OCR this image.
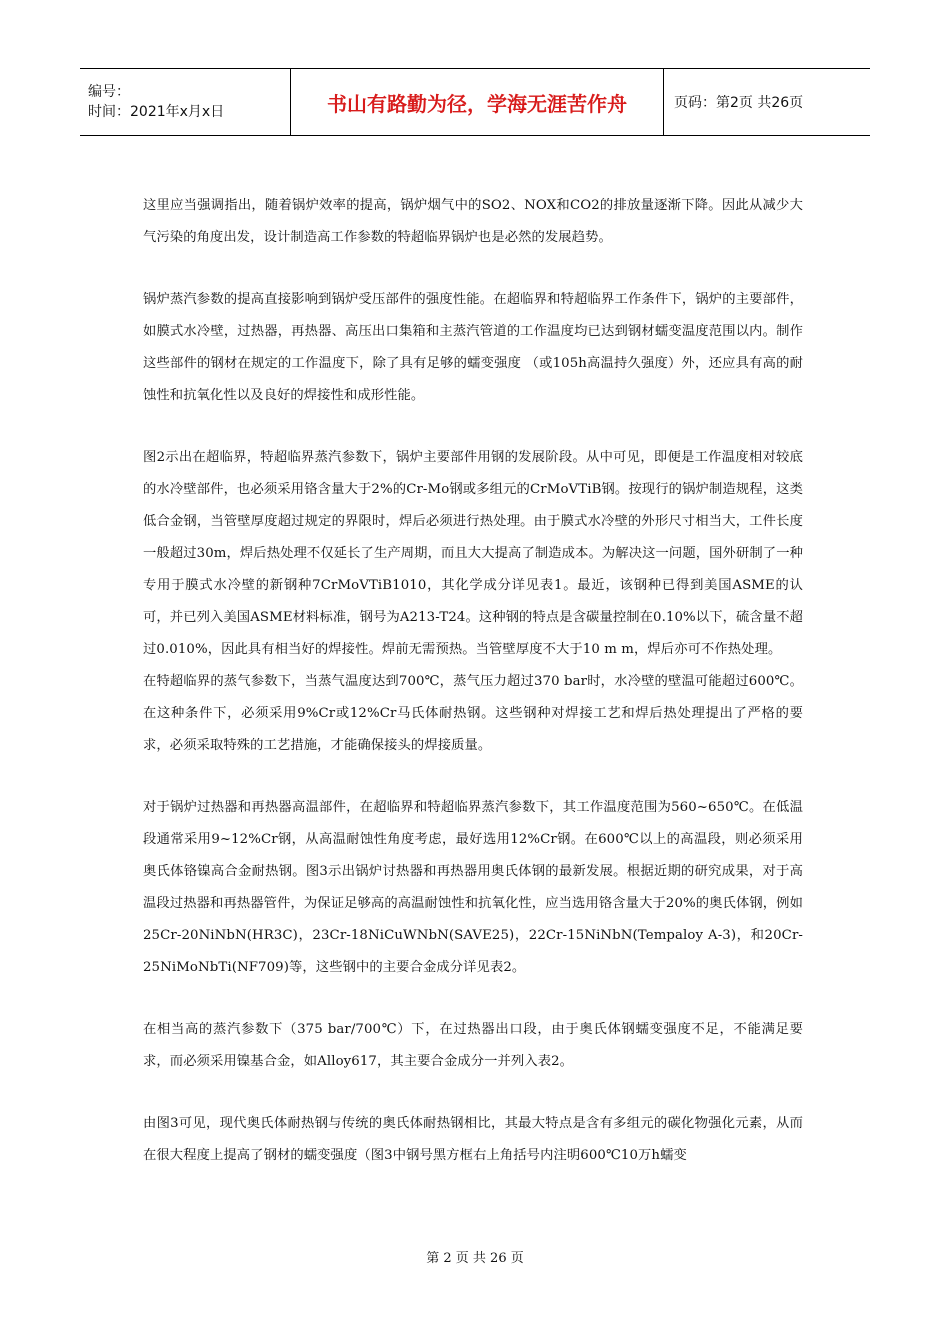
编号：
时间：2021年x月x日	书山有路勤为径，学海无涯苦作舟	页码：第2页 共26页

这里应当强调指出，随着锅炉效率的提高，锅炉烟气中的SO2、NOX和CO2的排放量逐渐下降。因此从减少大气污染的角度出发，设计制造高工作参数的特超临界锅炉也是必然的发展趋势。

锅炉蒸汽参数的提高直接影响到锅炉受压部件的强度性能。在超临界和特超临界工作条件下，锅炉的主要部件，如膜式水冷壁，过热器，再热器、高压出口集箱和主蒸汽管道的工作温度均已达到钢材蠕变温度范围以内。制作这些部件的钢材在规定的工作温度下，除了具有足够的蠕变强度 （或105h高温持久强度）外，还应具有高的耐蚀性和抗氧化性以及良好的焊接性和成形性能。

图2示出在超临界，特超临界蒸汽参数下，锅炉主要部件用钢的发展阶段。从中可见，即便是工作温度相对较底的水冷壁部件，也必须采用铬含量大于2%的Cr-Mo钢或多组元的CrMoVTiB钢。按现行的锅炉制造规程，这类低合金钢，当管壁厚度超过规定的界限时，焊后必须进行热处理。由于膜式水冷壁的外形尺寸相当大，工件长度一般超过30m，焊后热处理不仅延长了生产周期，而且大大提高了制造成本。为解决这一问题，国外研制了一种专用于膜式水冷壁的新钢种7CrMoVTiB1010，其化学成分详见表1。最近，该钢种已得到美国ASME的认可，并已列入美国ASME材料标准，钢号为A213-T24。这种钢的特点是含碳量控制在0.10%以下，硫含量不超过0.010%，因此具有相当好的焊接性。焊前无需预热。当管壁厚度不大于10 m m，焊后亦可不作热处理。

在特超临界的蒸气参数下，当蒸气温度达到700℃，蒸气压力超过370 bar时，水冷壁的壁温可能超过600℃。在这种条件下，必须采用9%Cr或12%Cr马氏体耐热钢。这些钢种对焊接工艺和焊后热处理提出了严格的要求，必须采取特殊的工艺措施，才能确保接头的焊接质量。

对于锅炉过热器和再热器高温部件，在超临界和特超临界蒸汽参数下，其工作温度范围为560~650℃。在低温段通常采用9~12%Cr钢，从高温耐蚀性角度考虑，最好选用12%Cr钢。在600℃以上的高温段，则必须采用奥氏体铬镍高合金耐热钢。图3示出锅炉讨热器和再热器用奥氏体钢的最新发展。根据近期的研究成果，对于高温段过热器和再热器管件，为保证足够高的高温耐蚀性和抗氧化性，应当选用铬含量大于20%的奥氏体钢，例如25Cr-20NiNbN(HR3C)，23Cr-18NiCuWNbN(SAVE25)，22Cr-15NiNbN(Tempaloy A-3)，和20Cr-25NiMoNbTi(NF709)等，这些钢中的主要合金成分详见表2。

在相当高的蒸汽参数下（375 bar/700℃）下，在过热器出口段，由于奥氏体钢蠕变强度不足，不能满足要求，而必须采用镍基合金，如Alloy617，其主要合金成分一并列入表2。

由图3可见，现代奥氏体耐热钢与传统的奥氏体耐热钢相比，其最大特点是含有多组元的碳化物强化元素，从而在很大程度上提高了钢材的蠕变强度（图3中钢号黑方框右上角括号内注明600℃10万h蠕变

第 2 页 共 26 页
